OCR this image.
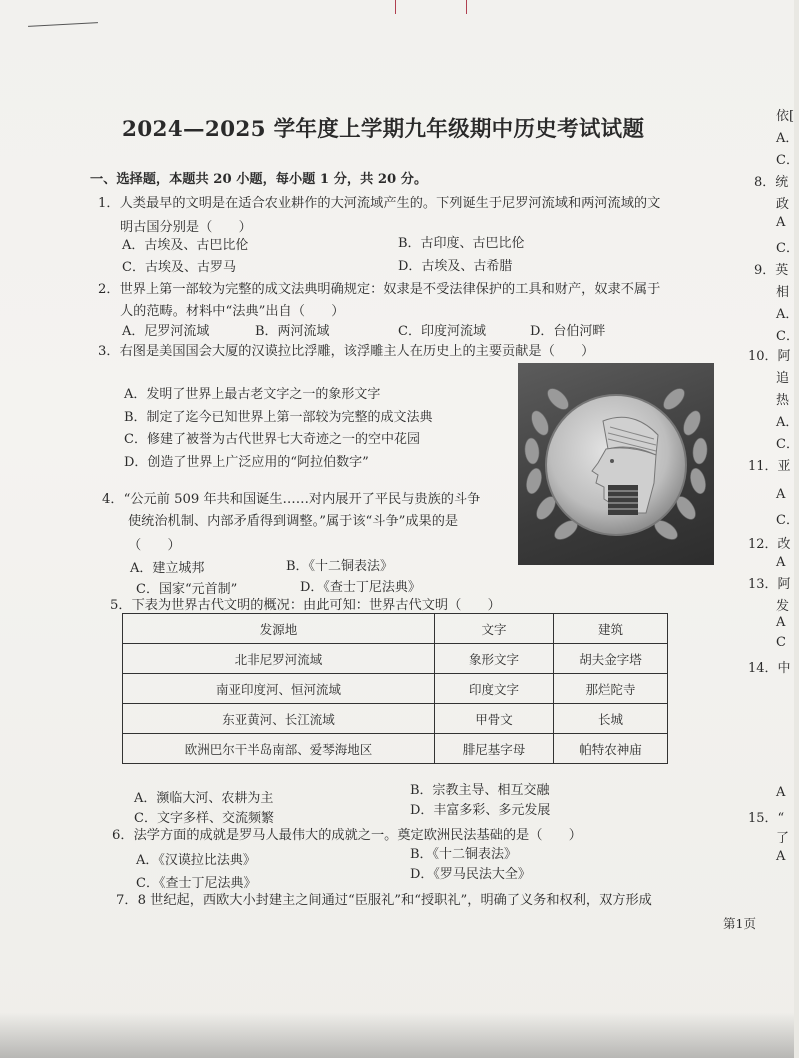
2024—2025 学年度上学期九年级期中历史考试试题
一、选择题，本题共 20 小题，每小题 1 分，共 20 分。
1．人类最早的文明是在适合农业耕作的大河流域产生的。下列诞生于尼罗河流域和两河流域的文
明古国分别是（　　）
A．古埃及、古巴比伦	B．古印度、古巴比伦
C．古埃及、古罗马	D．古埃及、古希腊
2．世界上第一部较为完整的成文法典明确规定：奴隶是不受法律保护的工具和财产，奴隶不属于
人的范畴。材料中“法典”出自（　　）
A．尼罗河流域	B．两河流域	C．印度河流域	D．台伯河畔
3．右图是美国国会大厦的汉谟拉比浮雕，该浮雕主人在历史上的主要贡献是（　　）
A．发明了世界上最古老文字之一的象形文字
B．制定了迄今已知世界上第一部较为完整的成文法典
C．修建了被誉为古代世界七大奇迹之一的空中花园
D．创造了世界上广泛应用的“阿拉伯数字”
4．“公元前 509 年共和国诞生……对内展开了平民与贵族的斗争
使统治机制、内部矛盾得到调整。”属于该“斗争”成果的是
（　　）
A．建立城邦	B．《十二铜表法》
C．国家“元首制”	D．《查士丁尼法典》
5．下表为世界古代文明的概况：由此可知：世界古代文明（　　）
发源地	文字	建筑
北非尼罗河流域	象形文字	胡夫金字塔
南亚印度河、恒河流域	印度文字	那烂陀寺
东亚黄河、长江流域	甲骨文	长城
欧洲巴尔干半岛南部、爱琴海地区	腓尼基字母	帕特农神庙
A．濒临大河、农耕为主
B．宗教主导、相互交融
C．文字多样、交流频繁
D．丰富多彩、多元发展
6．法学方面的成就是罗马人最伟大的成就之一。奠定欧洲民法基础的是（　　）
A．《汉谟拉比法典》	B．《十二铜表法》
C．《查士丁尼法典》
D．《罗马民法大全》
7．8 世纪起，西欧大小封建主之间通过“臣服礼”和“授职礼”，明确了义务和权利，双方形成
第1页
依[
A．
C．
8．统
政
A
C．
9．英
相
A．
C．
10．阿
追
热
A．
C．
11．亚
A
C．
12．改
A
13．阿
发
A
C
14．中
A
15．“
了
A
